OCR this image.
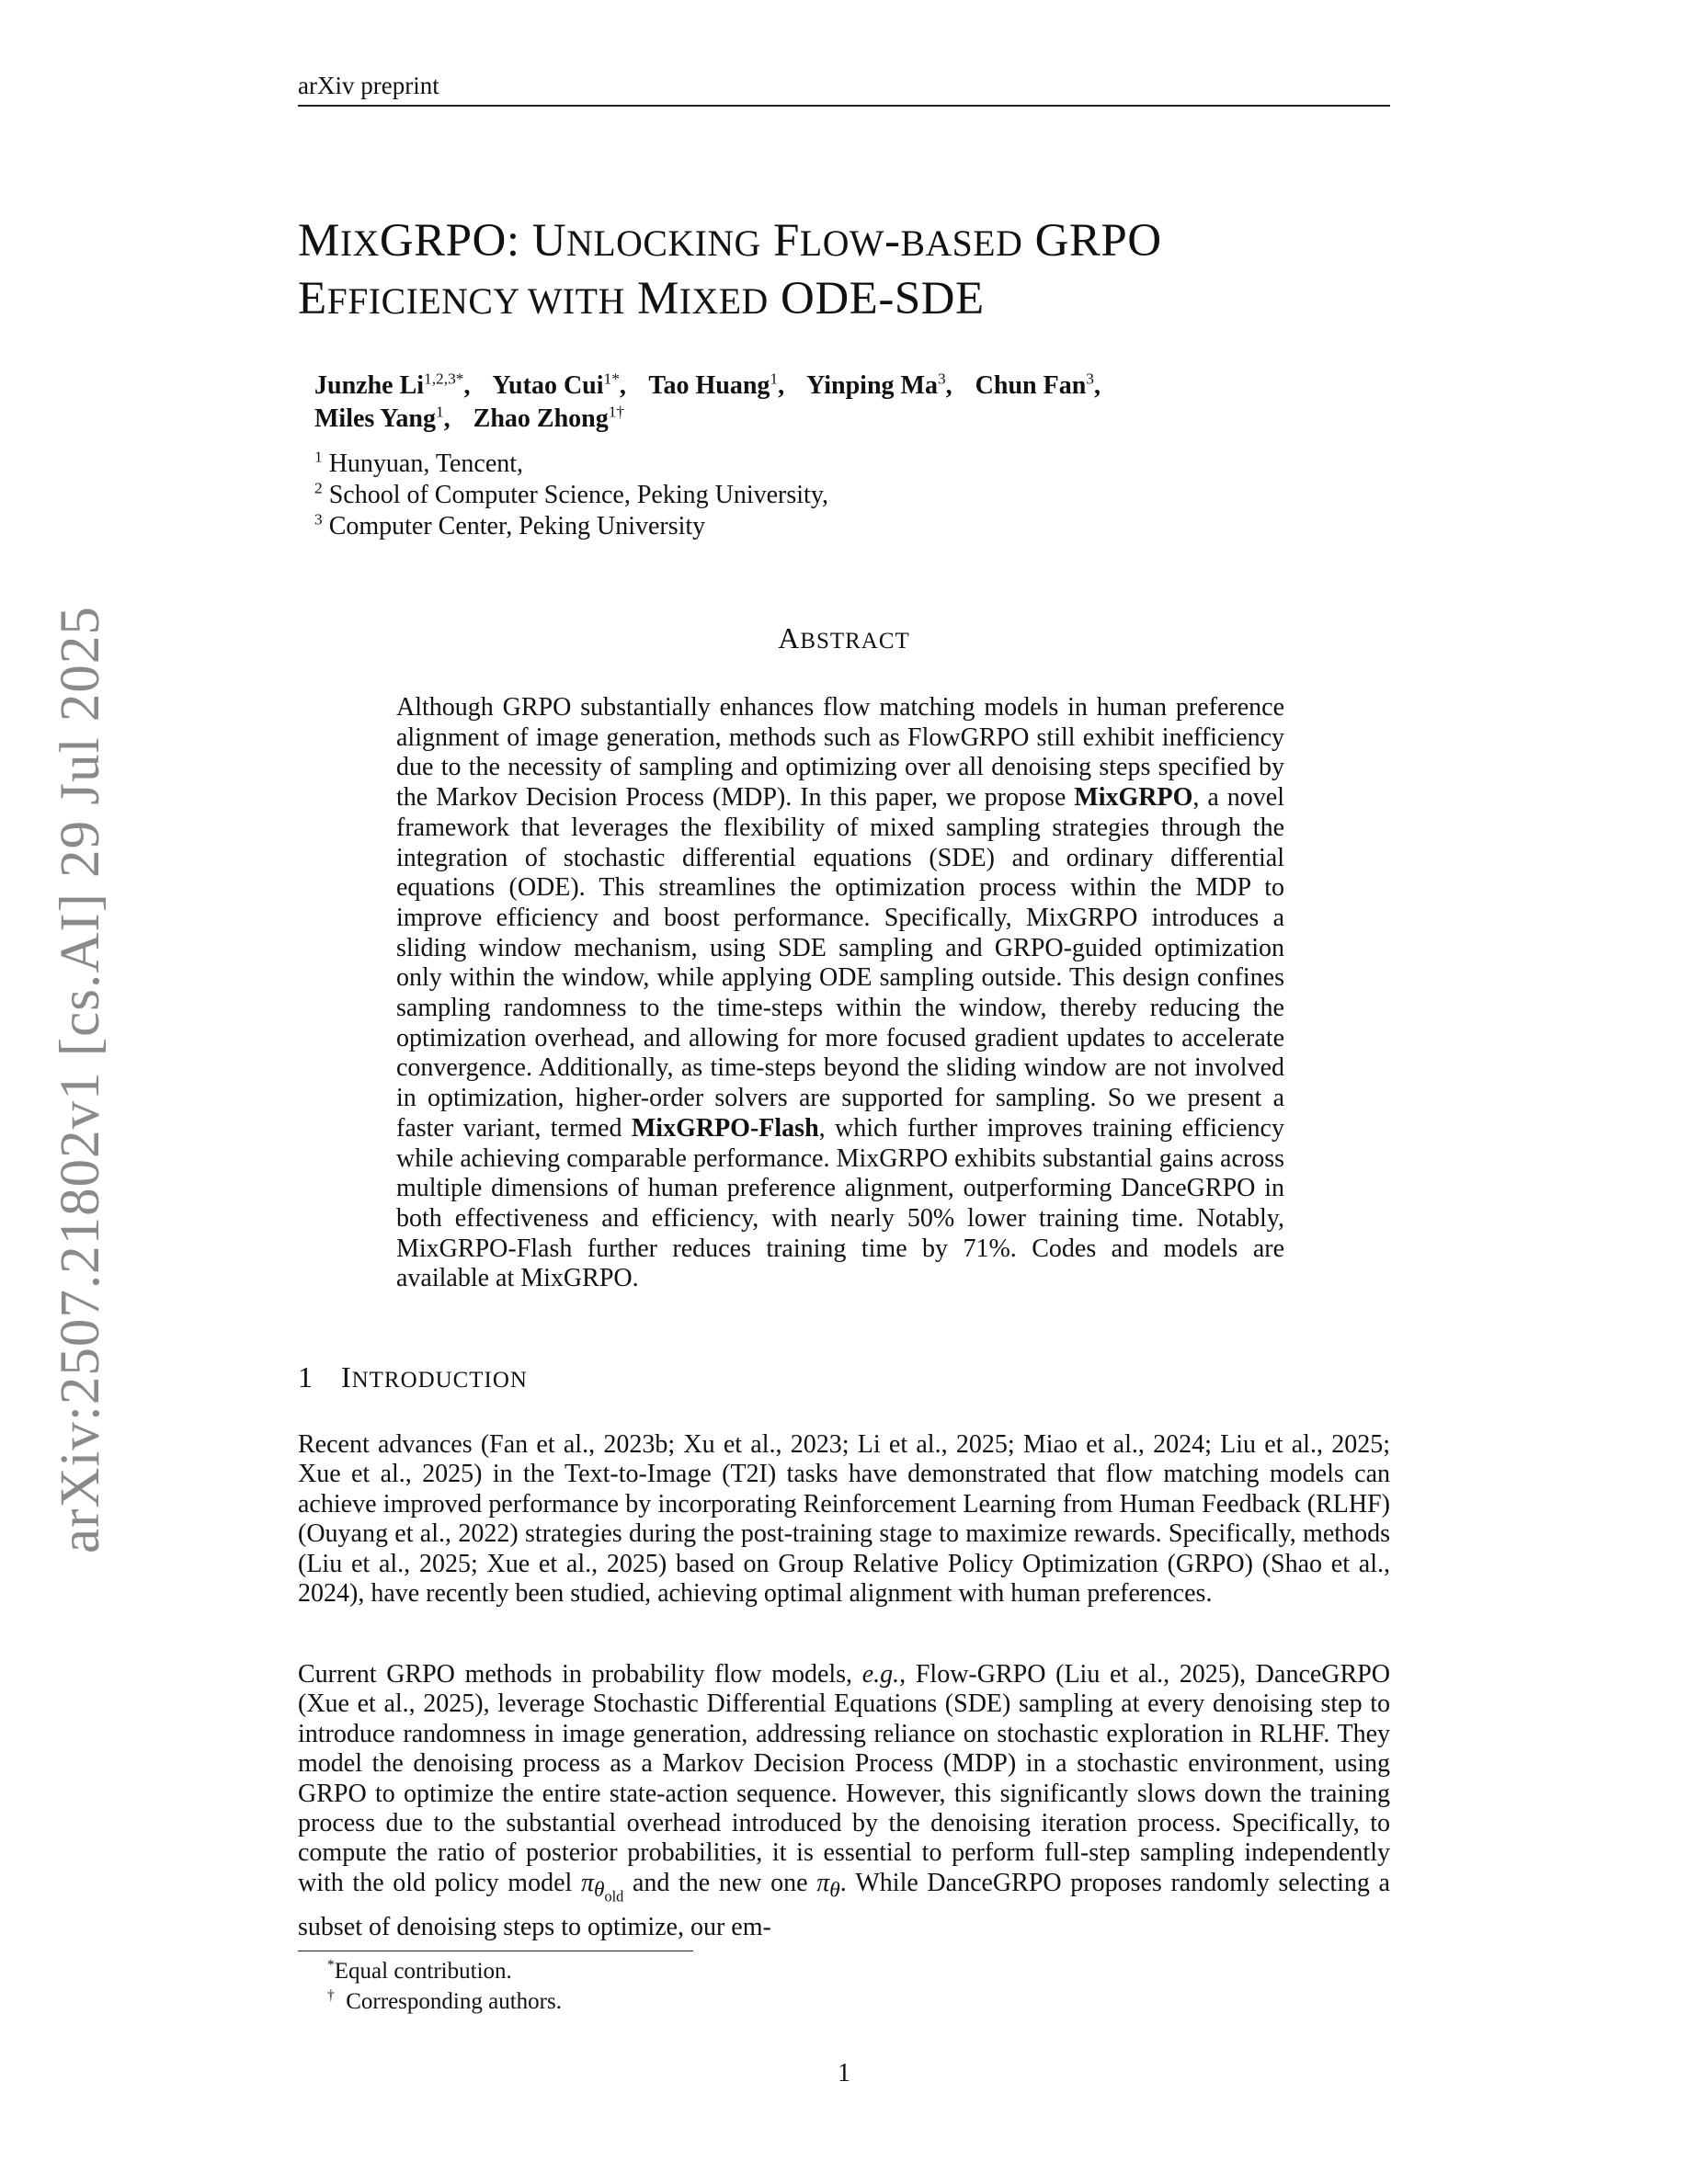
arXiv preprint
arXiv:2507.21802v1 [cs.AI] 29 Jul 2025
MIXGRPO: UNLOCKING FLOW-BASED GRPO
EFFICIENCY WITH MIXED ODE-SDE
Junzhe $Li^{1,2,3*}$, Yutao Cui$^{1*}$, Tao Huang$^1$, Yinping Ma$^3$, Chun Fan$^3$,
Miles Yang$^1$, Zhao Zhong$^{1\dagger}$
$^1$ Hunyuan, Tencent,
$^2$ School of Computer Science, Peking University,
$^3$ Computer Center, Peking University
ABSTRACT
Although GRPO substantially enhances flow matching models in human preference alignment of image generation, methods such as FlowGRPO still exhibit inefficiency due to the necessity of sampling and optimizing over all denoising steps specified by the Markov Decision Process (MDP). In this paper, we propose MixGRPO, a novel framework that leverages the flexibility of mixed sampling strategies through the integration of stochastic differential equations (SDE) and ordinary differential equations (ODE). This streamlines the optimization process within the MDP to improve efficiency and boost performance. Specifically, MixGRPO introduces a sliding window mechanism, using SDE sampling and GRPO-guided optimization only within the window, while applying ODE sampling outside. This design confines sampling randomness to the time-steps within the window, thereby reducing the optimization overhead, and allowing for more focused gradient updates to accelerate convergence. Additionally, as time-steps beyond the sliding window are not involved in optimization, higher-order solvers are supported for sampling. So we present a faster variant, termed MixGRPO-Flash, which further improves training efficiency while achieving comparable performance. MixGRPO exhibits substantial gains across multiple dimensions of human preference alignment, outperforming DanceGRPO in both effectiveness and efficiency, with nearly 50% lower training time. Notably, MixGRPO-Flash further reduces training time by 71%. Codes and models are available at MixGRPO.
1 INTRODUCTION
Recent advances (Fan et al., 2023b; Xu et al., 2023; Li et al., 2025; Miao et al., 2024; Liu et al., 2025; Xue et al., 2025) in the Text-to-Image (T2I) tasks have demonstrated that flow matching models can achieve improved performance by incorporating Reinforcement Learning from Human Feedback (RLHF) (Ouyang et al., 2022) strategies during the post-training stage to maximize rewards. Specifically, methods (Liu et al., 2025; Xue et al., 2025) based on Group Relative Policy Optimization (GRPO) (Shao et al., 2024), have recently been studied, achieving optimal alignment with human preferences.
Current GRPO methods in probability flow models, e.g., Flow-GRPO (Liu et al., 2025), DanceGRPO (Xue et al., 2025), leverage Stochastic Differential Equations (SDE) sampling at every denoising step to introduce randomness in image generation, addressing reliance on stochastic exploration in RLHF. They model the denoising process as a Markov Decision Process (MDP) in a stochastic environment, using GRPO to optimize the entire state-action sequence. However, this significantly slows down the training process due to the substantial overhead introduced by the denoising iteration process. Specifically, to compute the ratio of posterior probabilities, it is essential to perform full-step sampling independently with the old policy model $\pi_{\theta_{old}}$ and the new one $\pi_\theta$. While DanceGRPO proposes randomly selecting a subset of denoising steps to optimize, our em-
*Equal contribution.
†  Corresponding authors.
1
